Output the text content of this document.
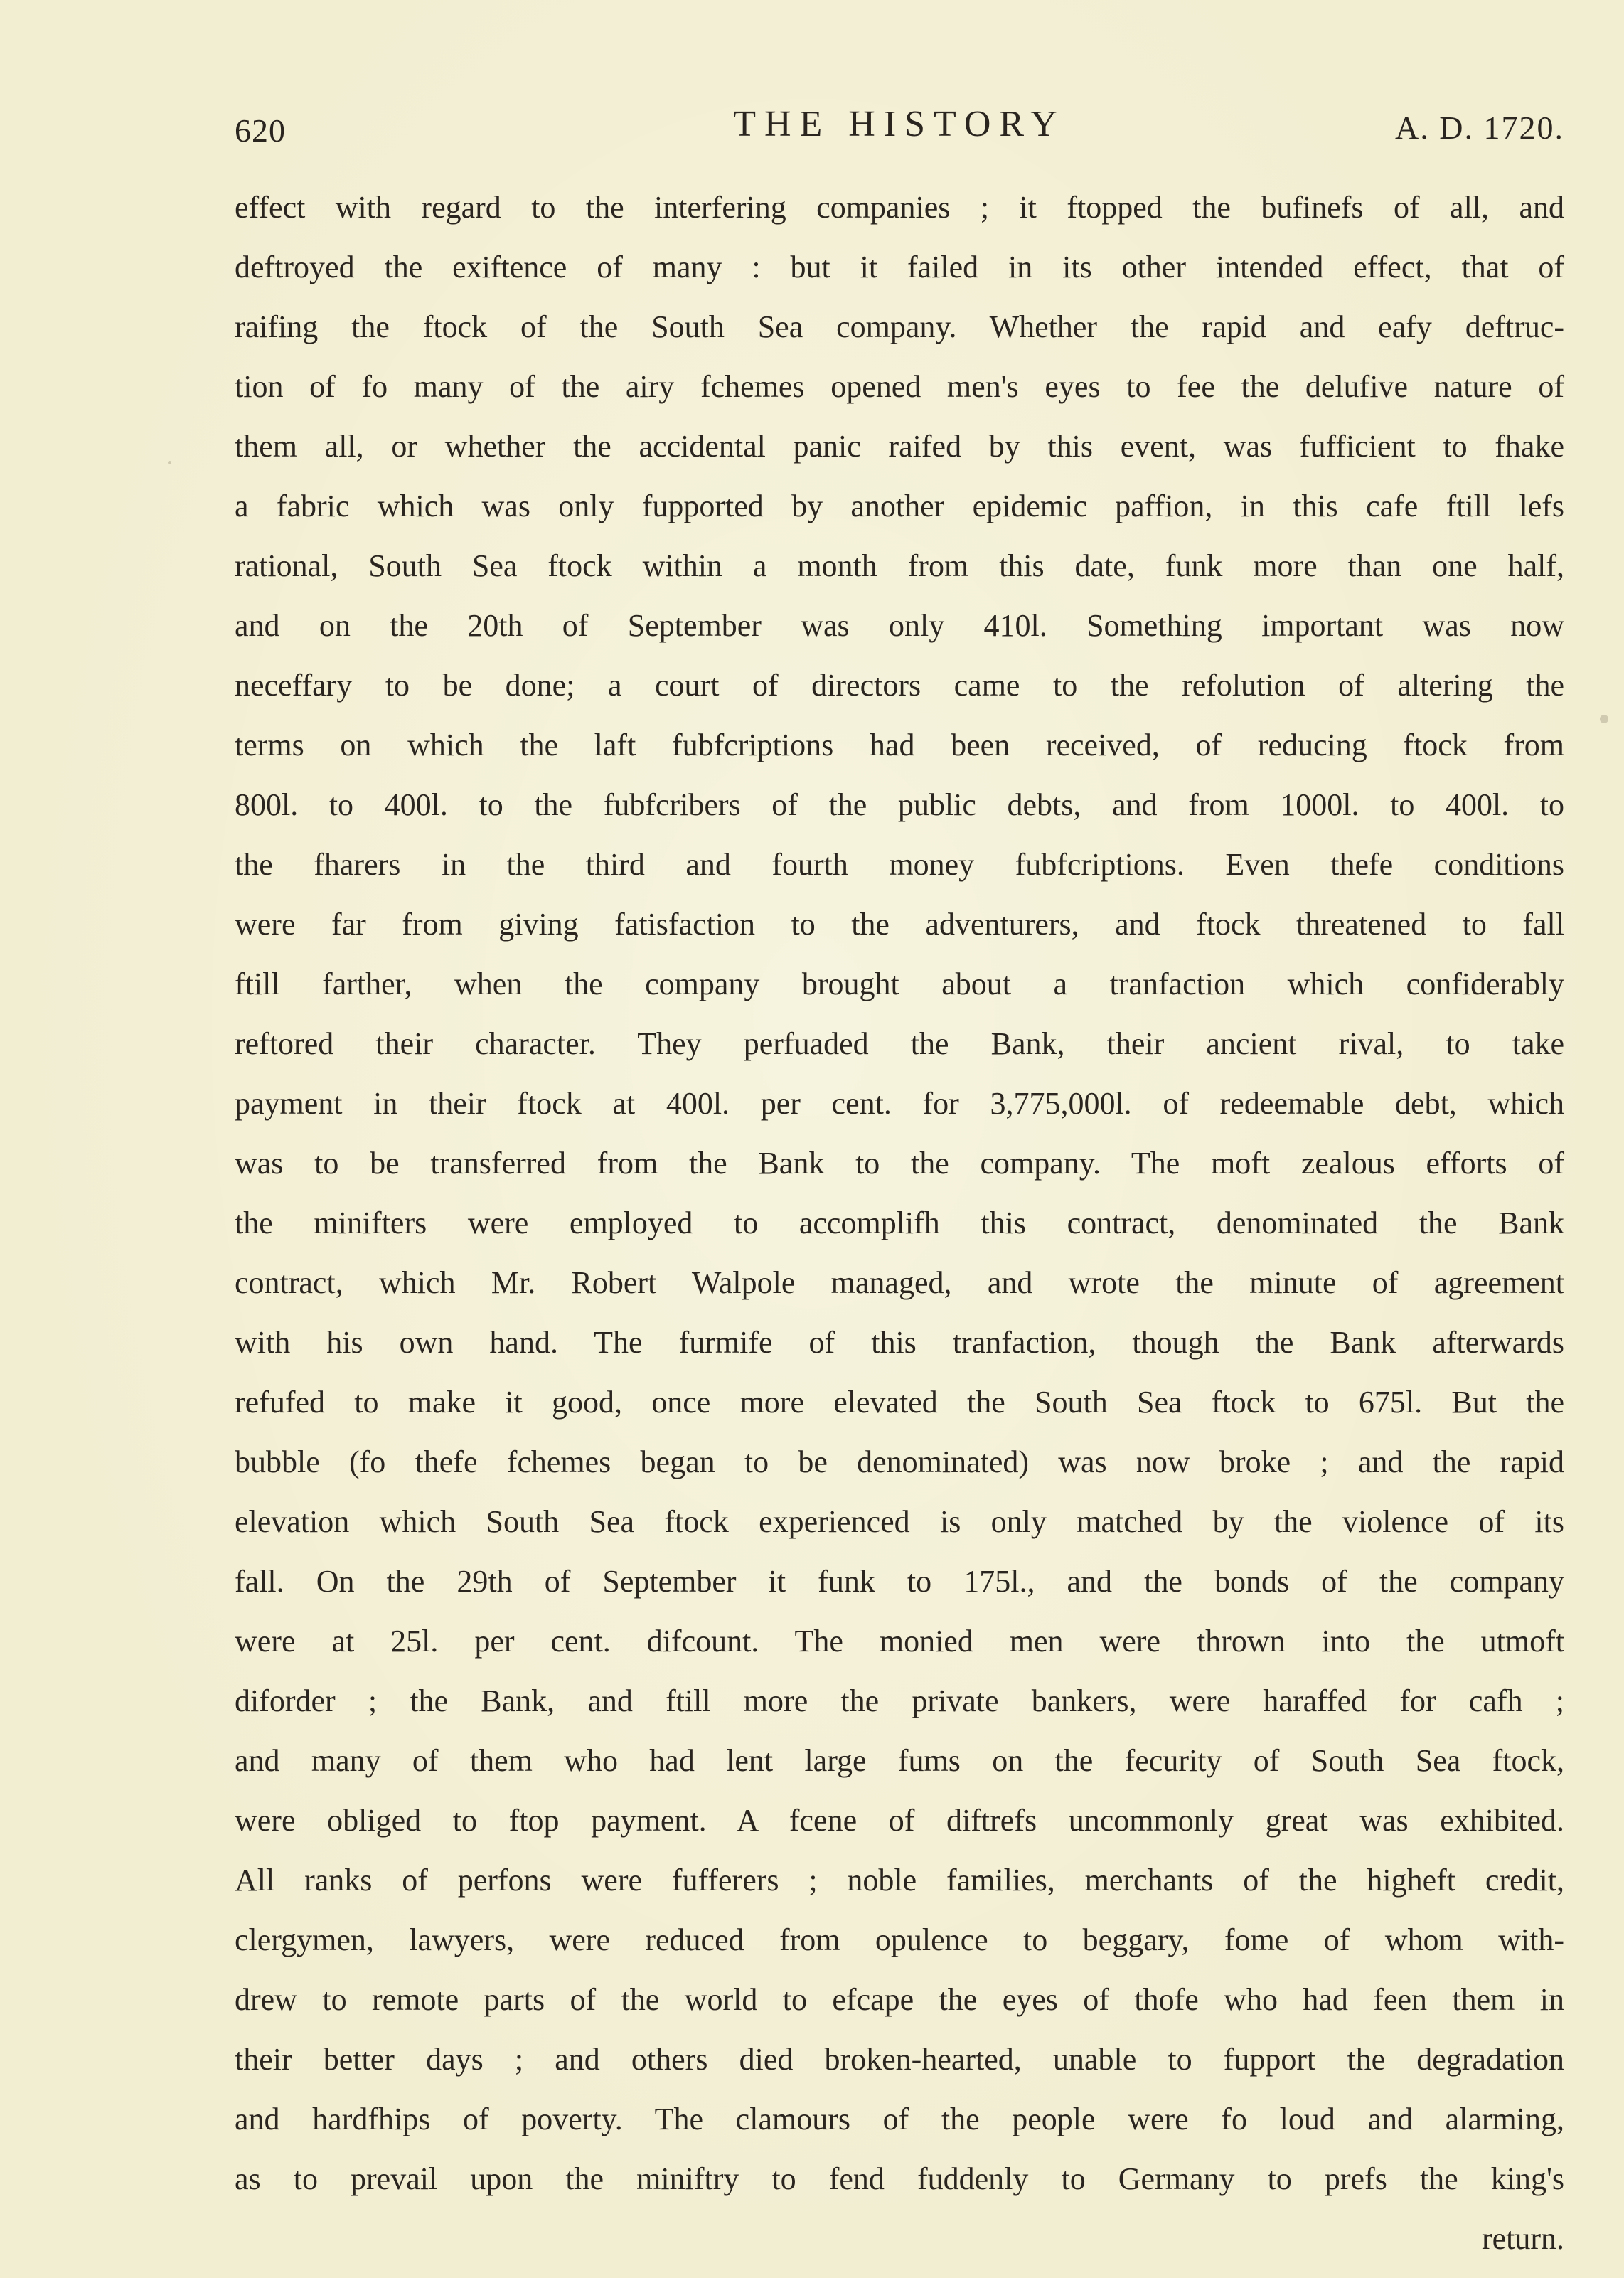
620	THE HISTORY	A. D. 1720.
effect with regard to the interfering companies ; it ftopped the bufinefs of all, and
deftroyed the exiftence of many : but it failed in its other intended effect, that of
raifing the ftock of the South Sea company. Whether the rapid and eafy deftruc-
tion of fo many of the airy fchemes opened men's eyes to fee the delufive nature of
them all, or whether the accidental panic raifed by this event, was fufficient to fhake
a fabric which was only fupported by another epidemic paffion, in this cafe ftill lefs
rational, South Sea ftock within a month from this date, funk more than one half,
and on the 20th of September was only 410l. Something important was now
neceffary to be done; a court of directors came to the refolution of altering the
terms on which the laft fubfcriptions had been received, of reducing ftock from
800l. to 400l. to the fubfcribers of the public debts, and from 1000l. to 400l. to
the fharers in the third and fourth money fubfcriptions. Even thefe conditions
were far from giving fatisfaction to the adventurers, and ftock threatened to fall
ftill farther, when the company brought about a tranfaction which confiderably
reftored their character. They perfuaded the Bank, their ancient rival, to take
payment in their ftock at 400l. per cent. for 3,775,000l. of redeemable debt, which
was to be transferred from the Bank to the company. The moft zealous efforts of
the minifters were employed to accomplifh this contract, denominated the Bank
contract, which Mr. Robert Walpole managed, and wrote the minute of agreement
with his own hand. The furmife of this tranfaction, though the Bank afterwards
refufed to make it good, once more elevated the South Sea ftock to 675l. But the
bubble (fo thefe fchemes began to be denominated) was now broke ; and the rapid
elevation which South Sea ftock experienced is only matched by the violence of its
fall. On the 29th of September it funk to 175l., and the bonds of the company
were at 25l. per cent. difcount. The monied men were thrown into the utmoft
diforder ; the Bank, and ftill more the private bankers, were haraffed for cafh ;
and many of them who had lent large fums on the fecurity of South Sea ftock,
were obliged to ftop payment. A fcene of diftrefs uncommonly great was exhibited.
All ranks of perfons were fufferers ; noble families, merchants of the higheft credit,
clergymen, lawyers, were reduced from opulence to beggary, fome of whom with-
drew to remote parts of the world to efcape the eyes of thofe who had feen them in
their better days ; and others died broken-hearted, unable to fupport the degradation
and hardfhips of poverty. The clamours of the people were fo loud and alarming,
as to prevail upon the miniftry to fend fuddenly to Germany to prefs the king's
return.
